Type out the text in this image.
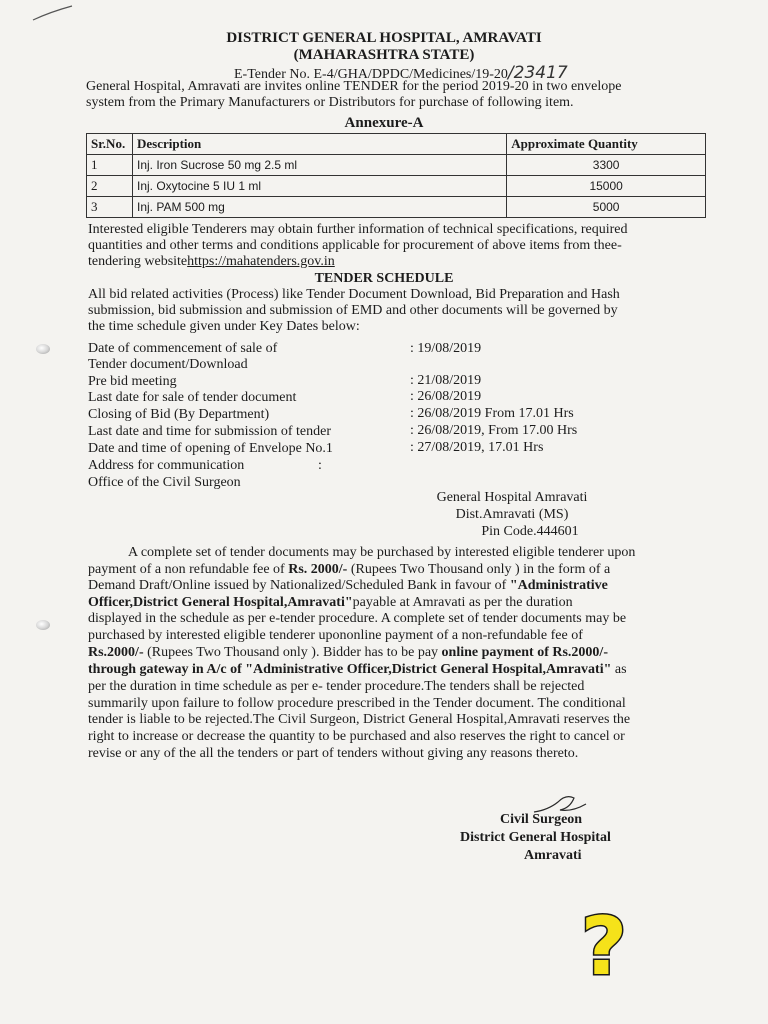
DISTRICT GENERAL HOSPITAL, AMRAVATI
(MAHARASHTRA STATE)
E-Tender No. E-4/GHA/DPDC/Medicines/19-20/23417
General Hospital, Amravati are invites online TENDER for the period 2019-20 in two envelope
system from the Primary Manufacturers or Distributors for purchase of following item.
Annexure-A
Sr.No.	Description	Approximate Quantity
1	Inj. Iron Sucrose 50 mg 2.5 ml	3300
2	Inj. Oxytocine 5 IU 1 ml	15000
3	Inj. PAM 500 mg	5000
Interested eligible Tenderers may obtain further information of technical specifications, required
quantities and other terms and conditions applicable for procurement of above items from thee-
tendering websitehttps://mahatenders.gov.in
TENDER SCHEDULE
All bid related activities (Process) like Tender Document Download, Bid Preparation and Hash
submission, bid submission and submission of EMD and other documents will be governed by
the time schedule given under Key Dates below:
Date of commencement of sale of	: 19/08/2019
Tender document/Download
Pre bid meeting	: 21/08/2019
Last date for sale of tender document	: 26/08/2019
Closing of Bid (By Department)	: 26/08/2019 From 17.01 Hrs
Last date and time for submission of tender	: 26/08/2019, From 17.00 Hrs
Date and time of opening of Envelope No.1	: 27/08/2019, 17.01 Hrs
Address for communication	:
Office of the Civil Surgeon
General Hospital Amravati
Dist.Amravati (MS)
Pin Code.444601
A complete set of tender documents may be purchased by interested eligible tenderer upon
payment of a non refundable fee of Rs. 2000/- (Rupees Two Thousand only ) in the form of a
Demand Draft/Online issued by Nationalized/Scheduled Bank in favour of "Administrative
Officer,District General Hospital,Amravati"payable at Amravati as per the duration
displayed in the schedule as per e-tender procedure. A complete set of tender documents may be
purchased by interested eligible tenderer upononline payment of a non-refundable fee of
Rs.2000/- (Rupees Two Thousand only ). Bidder has to be pay online payment of Rs.2000/-
through gateway in A/c of "Administrative Officer,District General Hospital,Amravati" as
per the duration in time schedule as per e- tender procedure.The tenders shall be rejected
summarily upon failure to follow procedure prescribed in the Tender document. The conditional
tender is liable to be rejected.The Civil Surgeon, District General Hospital,Amravati reserves the
right to increase or decrease the quantity to be purchased and also reserves the right to cancel or
revise or any of the all the tenders or part of tenders without giving any reasons thereto.
Civil Surgeon
District General Hospital
Amravati
?
